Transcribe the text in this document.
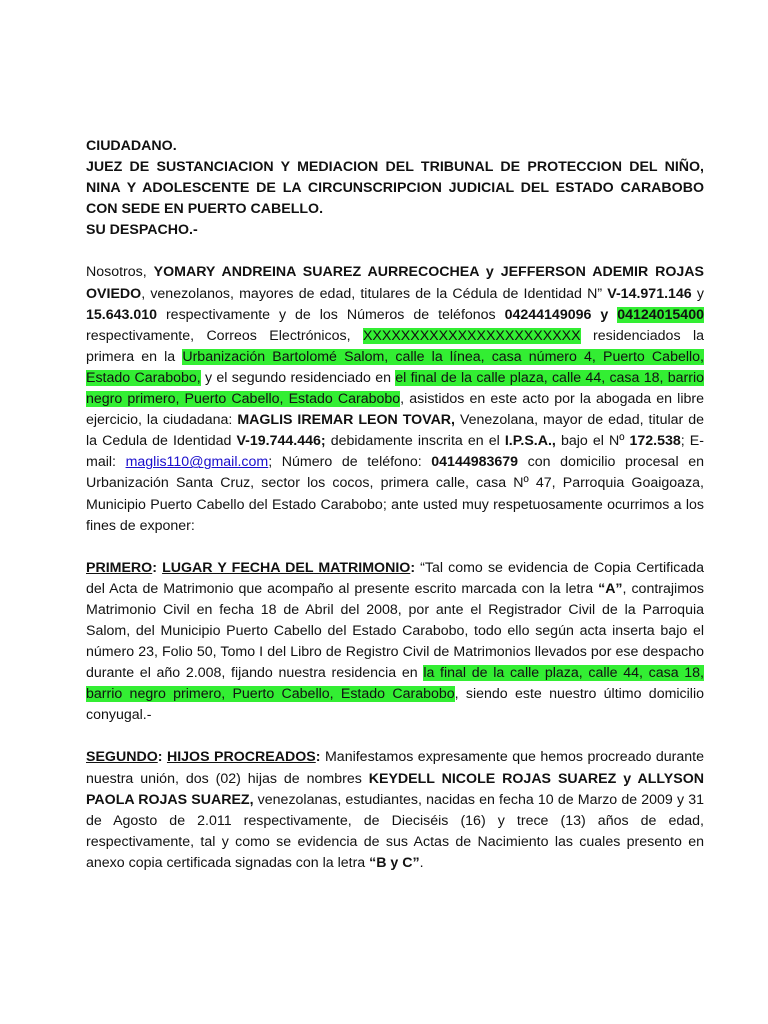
CIUDADANO.

JUEZ DE SUSTANCIACION Y MEDIACION DEL TRIBUNAL DE PROTECCION DEL NIÑO, NINA Y ADOLESCENTE DE LA CIRCUNSCRIPCION JUDICIAL DEL ESTADO CARABOBO CON SEDE EN PUERTO CABELLO.

SU DESPACHO.-

Nosotros, YOMARY ANDREINA SUAREZ AURRECOCHEA y JEFFERSON ADEMIR ROJAS OVIEDO, venezolanos, mayores de edad, titulares de la Cédula de Identidad N” V-14.971.146 y 15.643.010 respectivamente y de los Números de teléfonos 04244149096 y 04124015400 respectivamente, Correos Electrónicos, XXXXXXXXXXXXXXXXXXXXXXX residenciados la primera en la Urbanización Bartolomé Salom, calle la línea, casa número 4, Puerto Cabello, Estado Carabobo, y el segundo residenciado en el final de la calle plaza, calle 44, casa 18, barrio negro primero, Puerto Cabello, Estado Carabobo, asistidos en este acto por la abogada en libre ejercicio, la ciudadana: MAGLIS IREMAR LEON TOVAR, Venezolana, mayor de edad, titular de la Cedula de Identidad V-19.744.446; debidamente inscrita en el I.P.S.A., bajo el Nº 172.538; E-mail: maglis110@gmail.com; Número de teléfono: 04144983679 con domicilio procesal en Urbanización Santa Cruz, sector los cocos, primera calle, casa Nº 47, Parroquia Goaigoaza, Municipio Puerto Cabello del Estado Carabobo; ante usted muy respetuosamente ocurrimos a los fines de exponer:

PRIMERO: LUGAR Y FECHA DEL MATRIMONIO: “Tal como se evidencia de Copia Certificada del Acta de Matrimonio que acompaño al presente escrito marcada con la letra “A”, contrajimos Matrimonio Civil en fecha 18 de Abril del 2008, por ante el Registrador Civil de la Parroquia Salom, del Municipio Puerto Cabello del Estado Carabobo, todo ello según acta inserta bajo el número 23, Folio 50, Tomo I del Libro de Registro Civil de Matrimonios llevados por ese despacho durante el año 2.008, fijando nuestra residencia en la final de la calle plaza, calle 44, casa 18, barrio negro primero, Puerto Cabello, Estado Carabobo, siendo este nuestro último domicilio conyugal.-

SEGUNDO: HIJOS PROCREADOS: Manifestamos expresamente que hemos procreado durante nuestra unión, dos (02) hijas de nombres KEYDELL NICOLE ROJAS SUAREZ y ALLYSON PAOLA ROJAS SUAREZ, venezolanas, estudiantes, nacidas en fecha 10 de Marzo de 2009 y 31 de Agosto de 2.011 respectivamente, de Dieciséis (16) y trece (13) años de edad, respectivamente, tal y como se evidencia de sus Actas de Nacimiento las cuales presento en anexo copia certificada signadas con la letra “B y C”.
